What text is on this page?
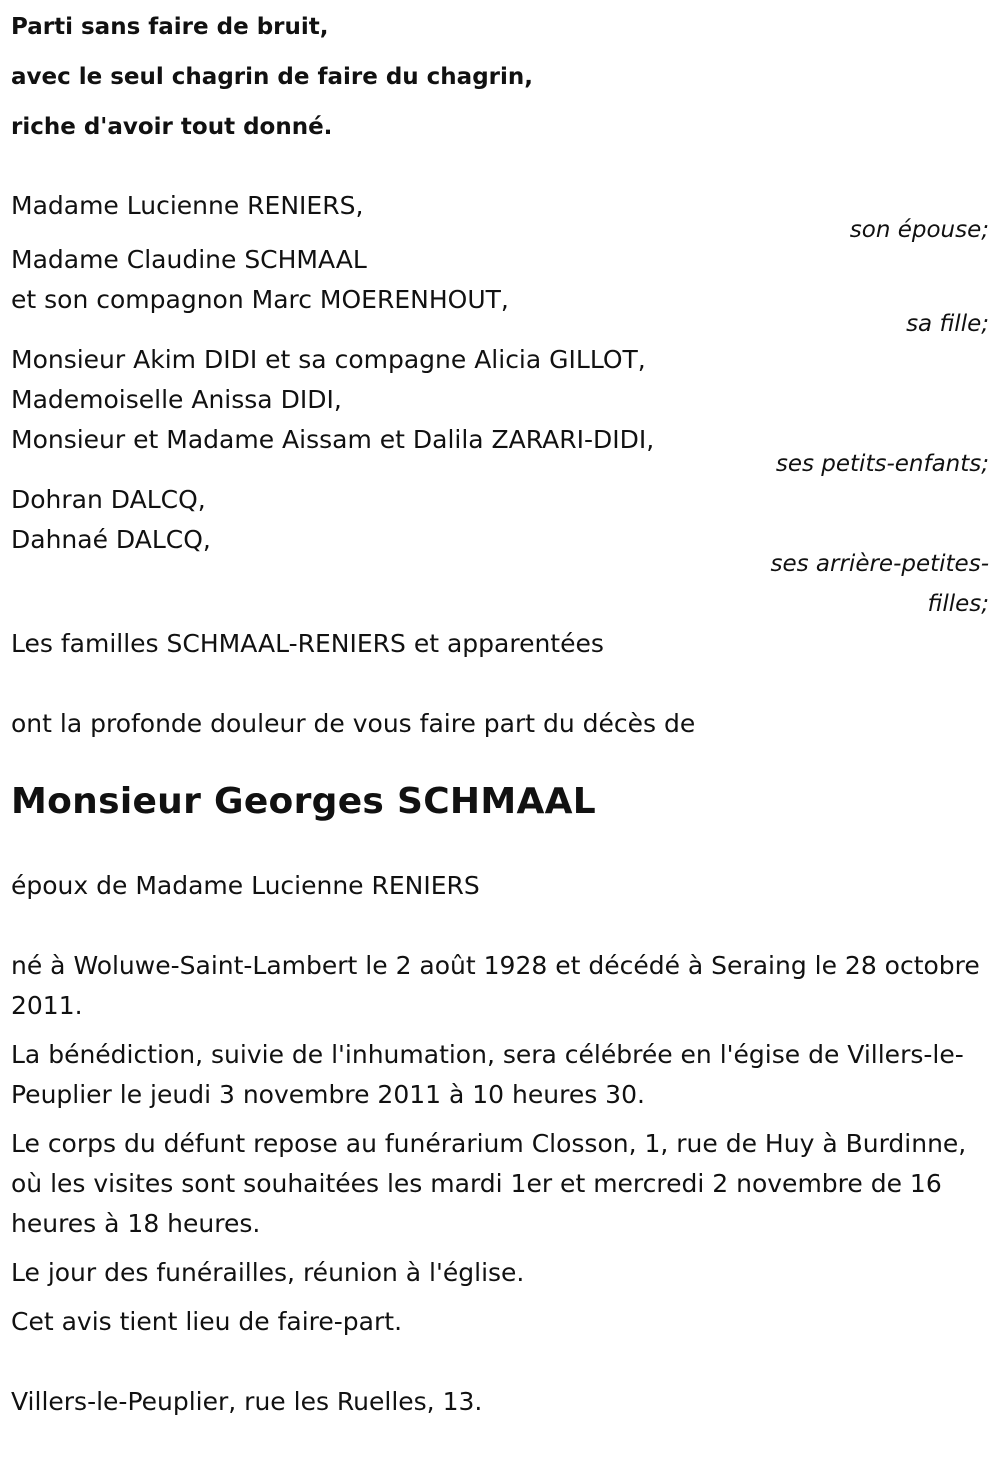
Parti sans faire de bruit,
avec le seul chagrin de faire du chagrin,
riche d'avoir tout donné.
Madame Lucienne RENIERS,
son épouse;
Madame Claudine SCHMAAL
et son compagnon Marc MOERENHOUT,
sa fille;
Monsieur Akim DIDI et sa compagne Alicia GILLOT,
Mademoiselle Anissa DIDI,
Monsieur et Madame Aissam et Dalila ZARARI-DIDI,
ses petits-enfants;
Dohran DALCQ,
Dahnaé DALCQ,
ses arrière-petites-filles;
Les familles SCHMAAL-RENIERS et apparentées
ont la profonde douleur de vous faire part du décès de
Monsieur Georges SCHMAAL
époux de Madame Lucienne RENIERS

né à Woluwe-Saint-Lambert le 2 août 1928 et décédé à Seraing le 28 octobre 2011.

La bénédiction, suivie de l'inhumation, sera célébrée en l'égise de Villers-le-Peuplier le jeudi 3 novembre 2011 à 10 heures 30.

Le corps du défunt repose au funérarium Closson, 1, rue de Huy à Burdinne, où les visites sont souhaitées les mardi 1er et mercredi 2 novembre de 16 heures à 18 heures.

Le jour des funérailles, réunion à l'église.

Cet avis tient lieu de faire-part.

Villers-le-Peuplier, rue les Ruelles, 13.
